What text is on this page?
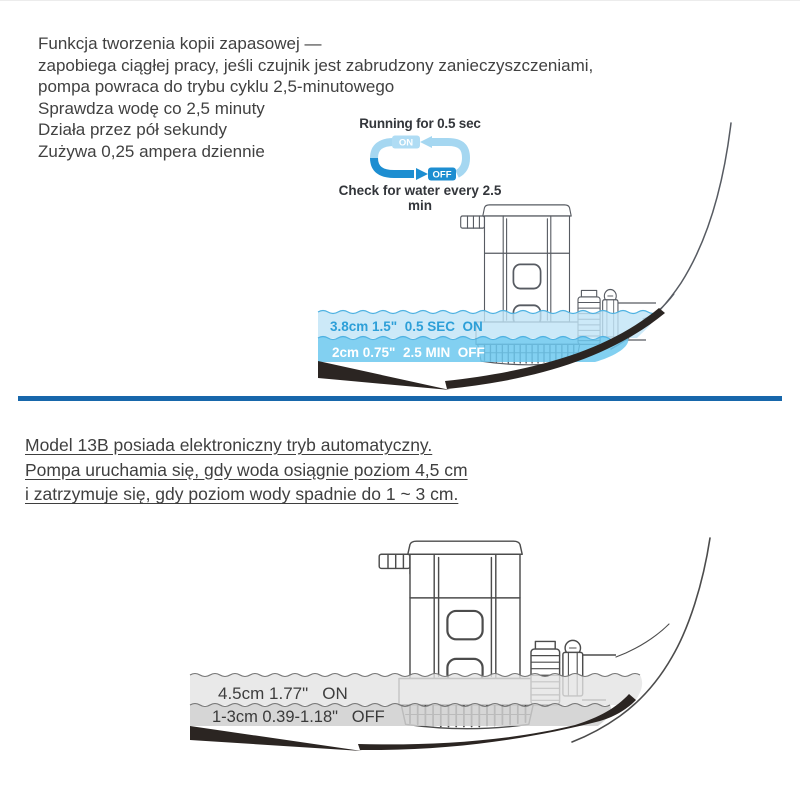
Funkcja tworzenia kopii zapasowej —
zapobiega ciągłej pracy, jeśli czujnik jest zabrudzony zanieczyszczeniami,
pompa powraca do trybu cyklu 2,5-minutowego
Sprawdza wodę co 2,5 minuty
Działa przez pół sekundy
Zużywa 0,25 ampera dziennie
3.8cm 1.5"  0.5 SEC  ON
2cm 0.75"  2.5 MIN  OFF
Running for 0.5 sec
ON
OFF
Check for water every 2.5 min
Model 13B posiada elektroniczny tryb automatyczny.
Pompa uruchamia się, gdy woda osiągnie poziom 4,5 cm
i zatrzymuje się, gdy poziom wody spadnie do 1 ~ 3 cm.
4.5cm 1.77"   ON
1-3cm 0.39-1.18"   OFF
